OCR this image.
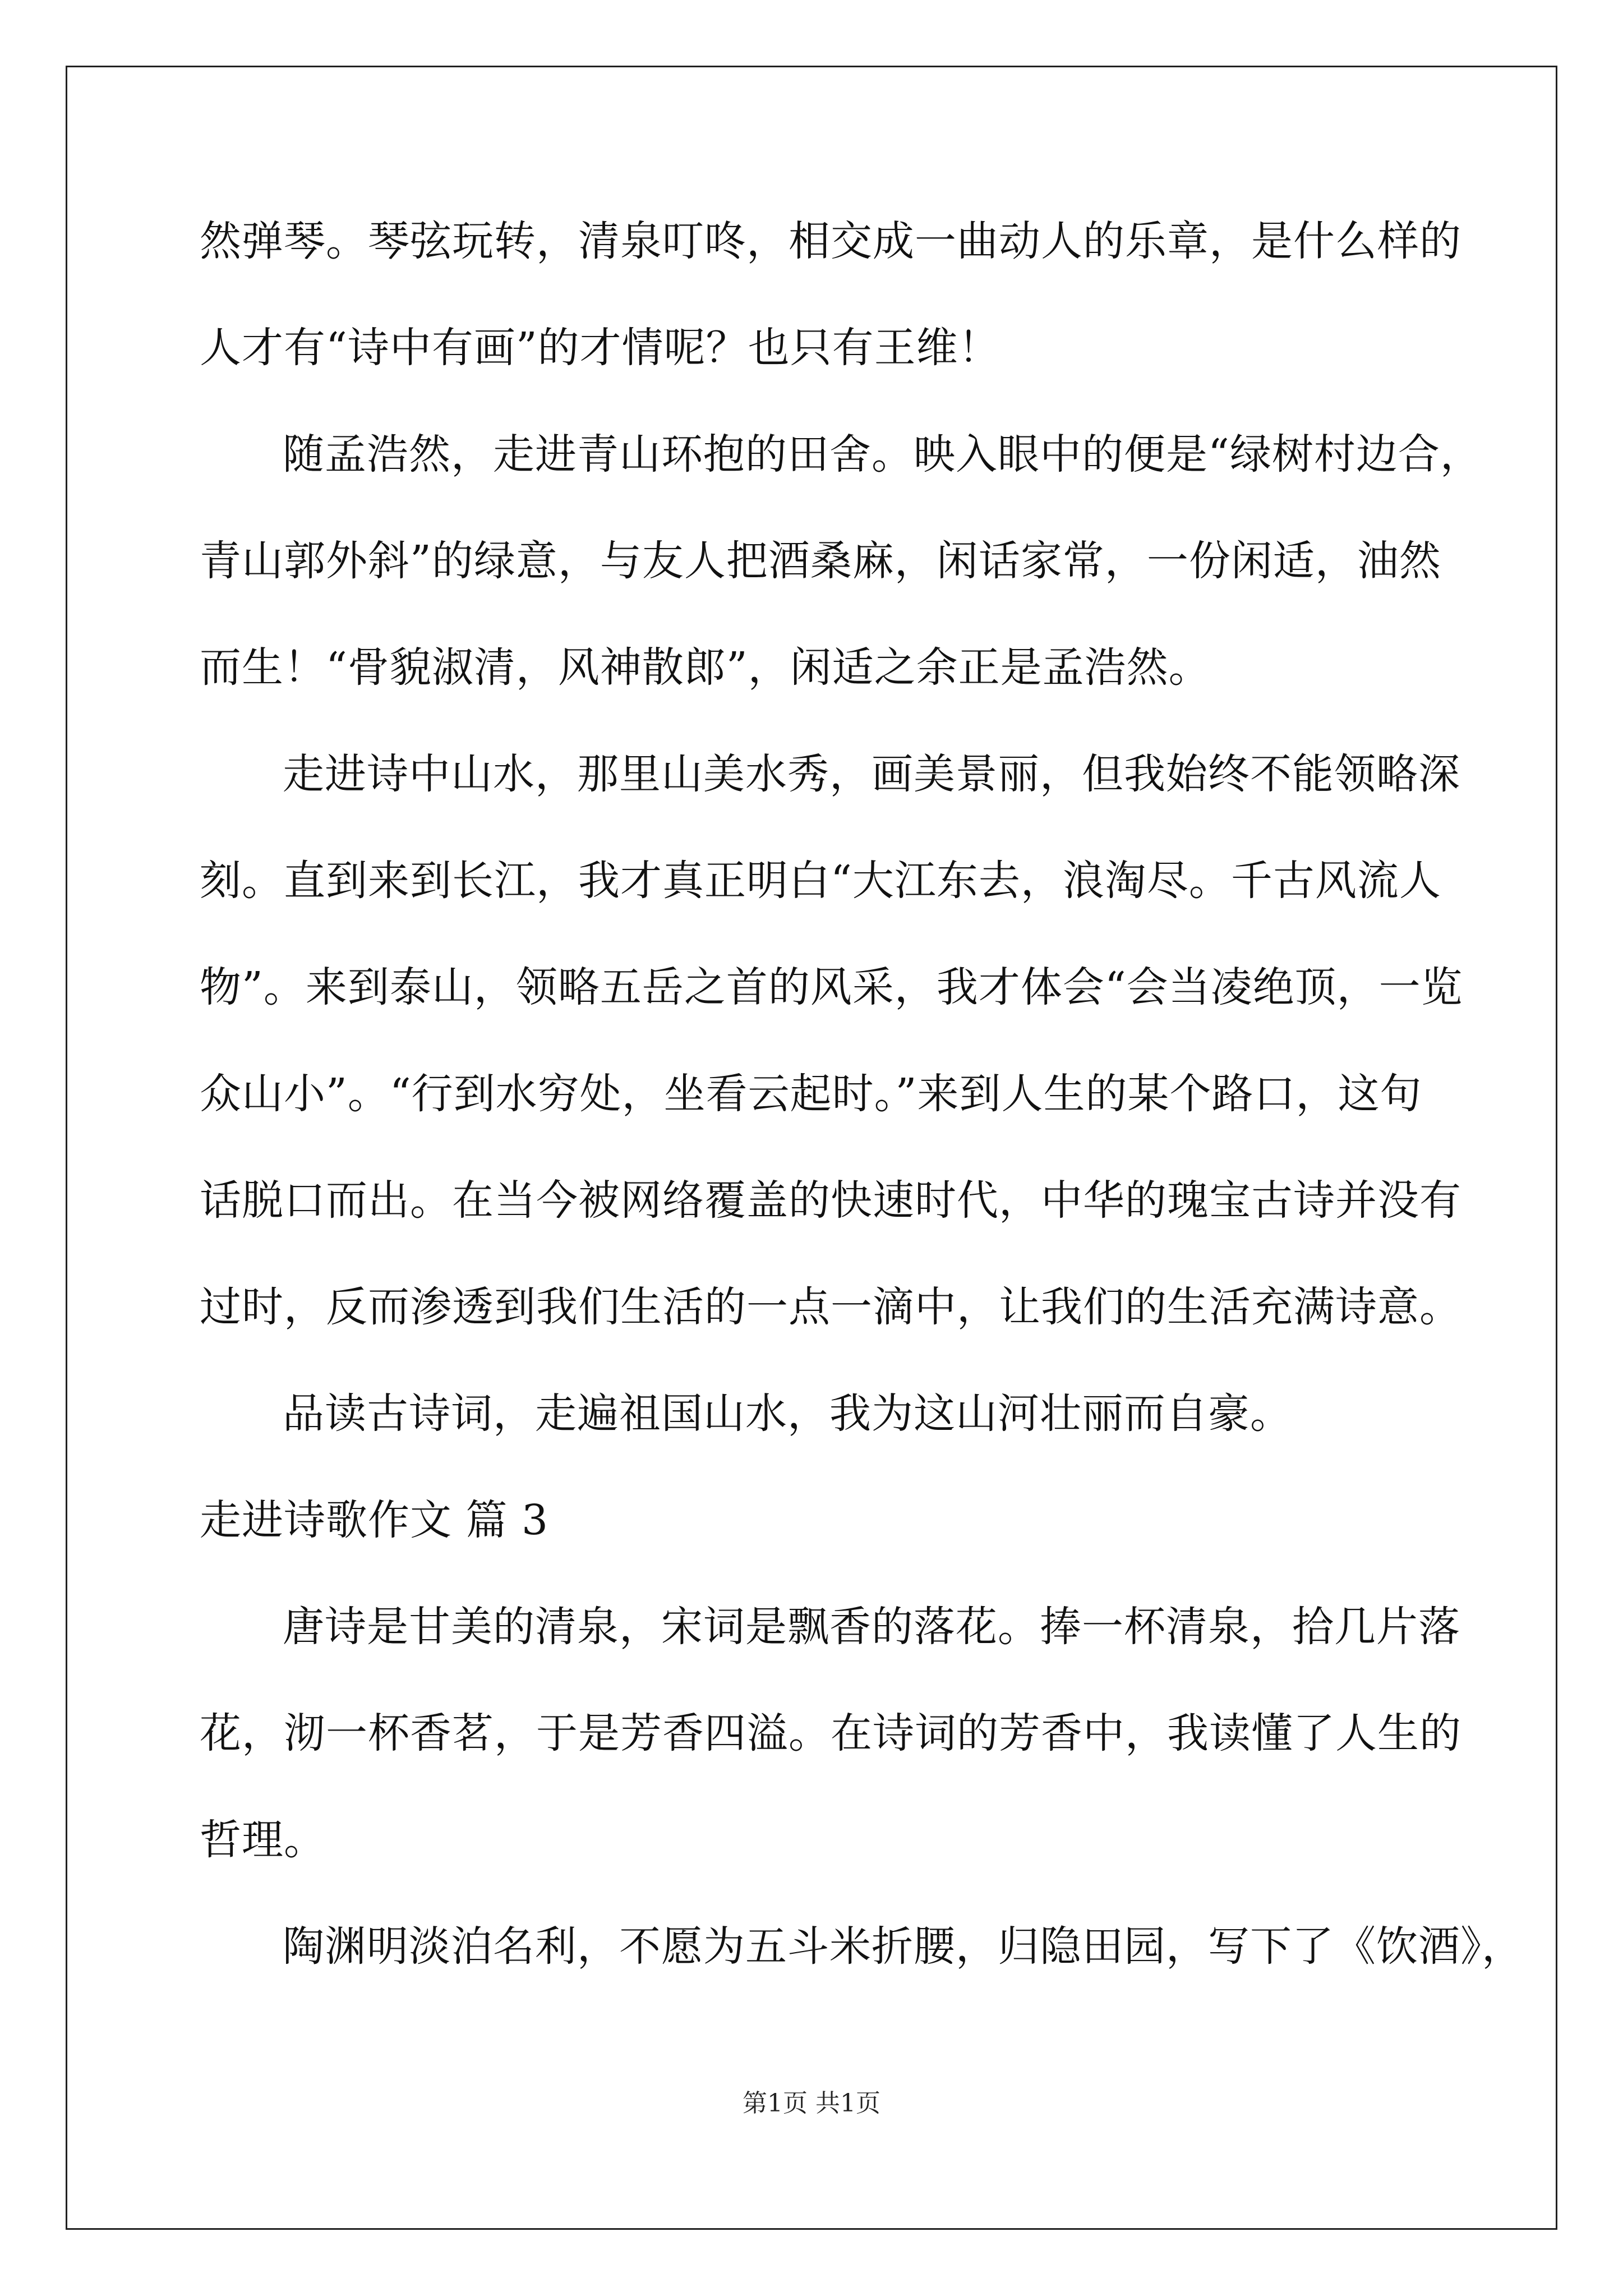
然弹琴。琴弦玩转，清泉叮咚，相交成一曲动人的乐章，是什么样的
人才有“诗中有画”的才情呢？也只有王维！
随孟浩然，走进青山环抱的田舍。映入眼中的便是“绿树村边合，
青山郭外斜”的绿意，与友人把酒桑麻，闲话家常，一份闲适，油然
而生！“骨貌淑清，风神散郎”，闲适之余正是孟浩然。
走进诗中山水，那里山美水秀，画美景丽，但我始终不能领略深
刻。直到来到长江，我才真正明白“大江东去，浪淘尽。千古风流人
物”。来到泰山，领略五岳之首的风采，我才体会“会当凌绝顶，一览
众山小”。“行到水穷处，坐看云起时。”来到人生的某个路口，这句
话脱口而出。在当今被网络覆盖的快速时代，中华的瑰宝古诗并没有
过时，反而渗透到我们生活的一点一滴中，让我们的生活充满诗意。
品读古诗词，走遍祖国山水，我为这山河壮丽而自豪。
走进诗歌作文 篇 3
唐诗是甘美的清泉，宋词是飘香的落花。捧一杯清泉，拾几片落
花，沏一杯香茗，于是芳香四溢。在诗词的芳香中，我读懂了人生的
哲理。
陶渊明淡泊名利，不愿为五斗米折腰，归隐田园，写下了《饮酒》，
第1页 共1页
